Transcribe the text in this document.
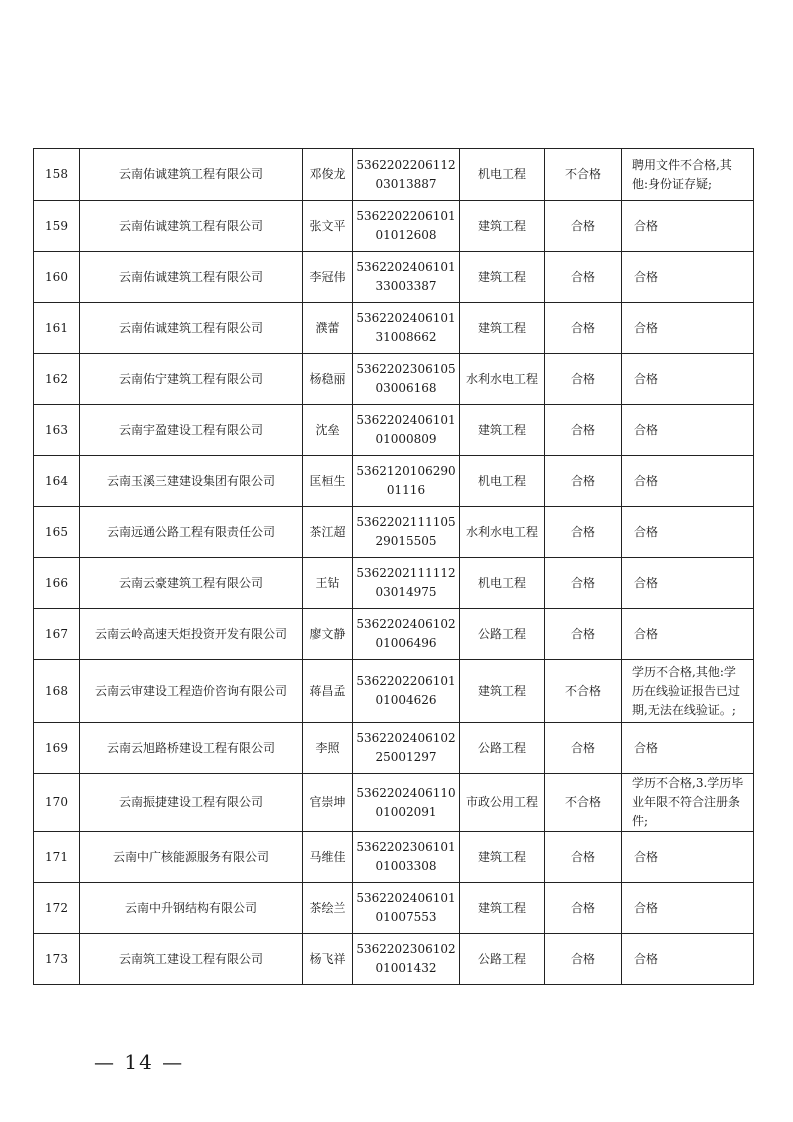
158	云南佑诚建筑工程有限公司	邓俊龙	536220220611203013887	机电工程	不合格	聘用文件不合格,其他:身份证存疑;
159	云南佑诚建筑工程有限公司	张文平	536220220610101012608	建筑工程	合格	合格
160	云南佑诚建筑工程有限公司	李冠伟	536220240610133003387	建筑工程	合格	合格
161	云南佑诚建筑工程有限公司	濮蕾	536220240610131008662	建筑工程	合格	合格
162	云南佑宁建筑工程有限公司	杨稳丽	536220230610503006168	水利水电工程	合格	合格
163	云南宇盈建设工程有限公司	沈垒	536220240610101000809	建筑工程	合格	合格
164	云南玉溪三建建设集团有限公司	匡桓生	536212010629001116	机电工程	合格	合格
165	云南远通公路工程有限责任公司	茶江超	536220211110529015505	水利水电工程	合格	合格
166	云南云豪建筑工程有限公司	王钻	536220211111203014975	机电工程	合格	合格
167	云南云岭高速天炬投资开发有限公司	廖文静	536220240610201006496	公路工程	合格	合格
168	云南云审建设工程造价咨询有限公司	蒋昌孟	536220220610101004626	建筑工程	不合格	学历不合格,其他:学历在线验证报告已过期,无法在线验证。;
169	云南云旭路桥建设工程有限公司	李照	536220240610225001297	公路工程	合格	合格
170	云南振捷建设工程有限公司	官崇坤	536220240611001002091	市政公用工程	不合格	学历不合格,3.学历毕业年限不符合注册条件;
171	云南中广核能源服务有限公司	马维佳	536220230610101003308	建筑工程	合格	合格
172	云南中升钢结构有限公司	茶绘兰	536220240610101007553	建筑工程	合格	合格
173	云南筑工建设工程有限公司	杨飞祥	536220230610201001432	公路工程	合格	合格
— 14 —
